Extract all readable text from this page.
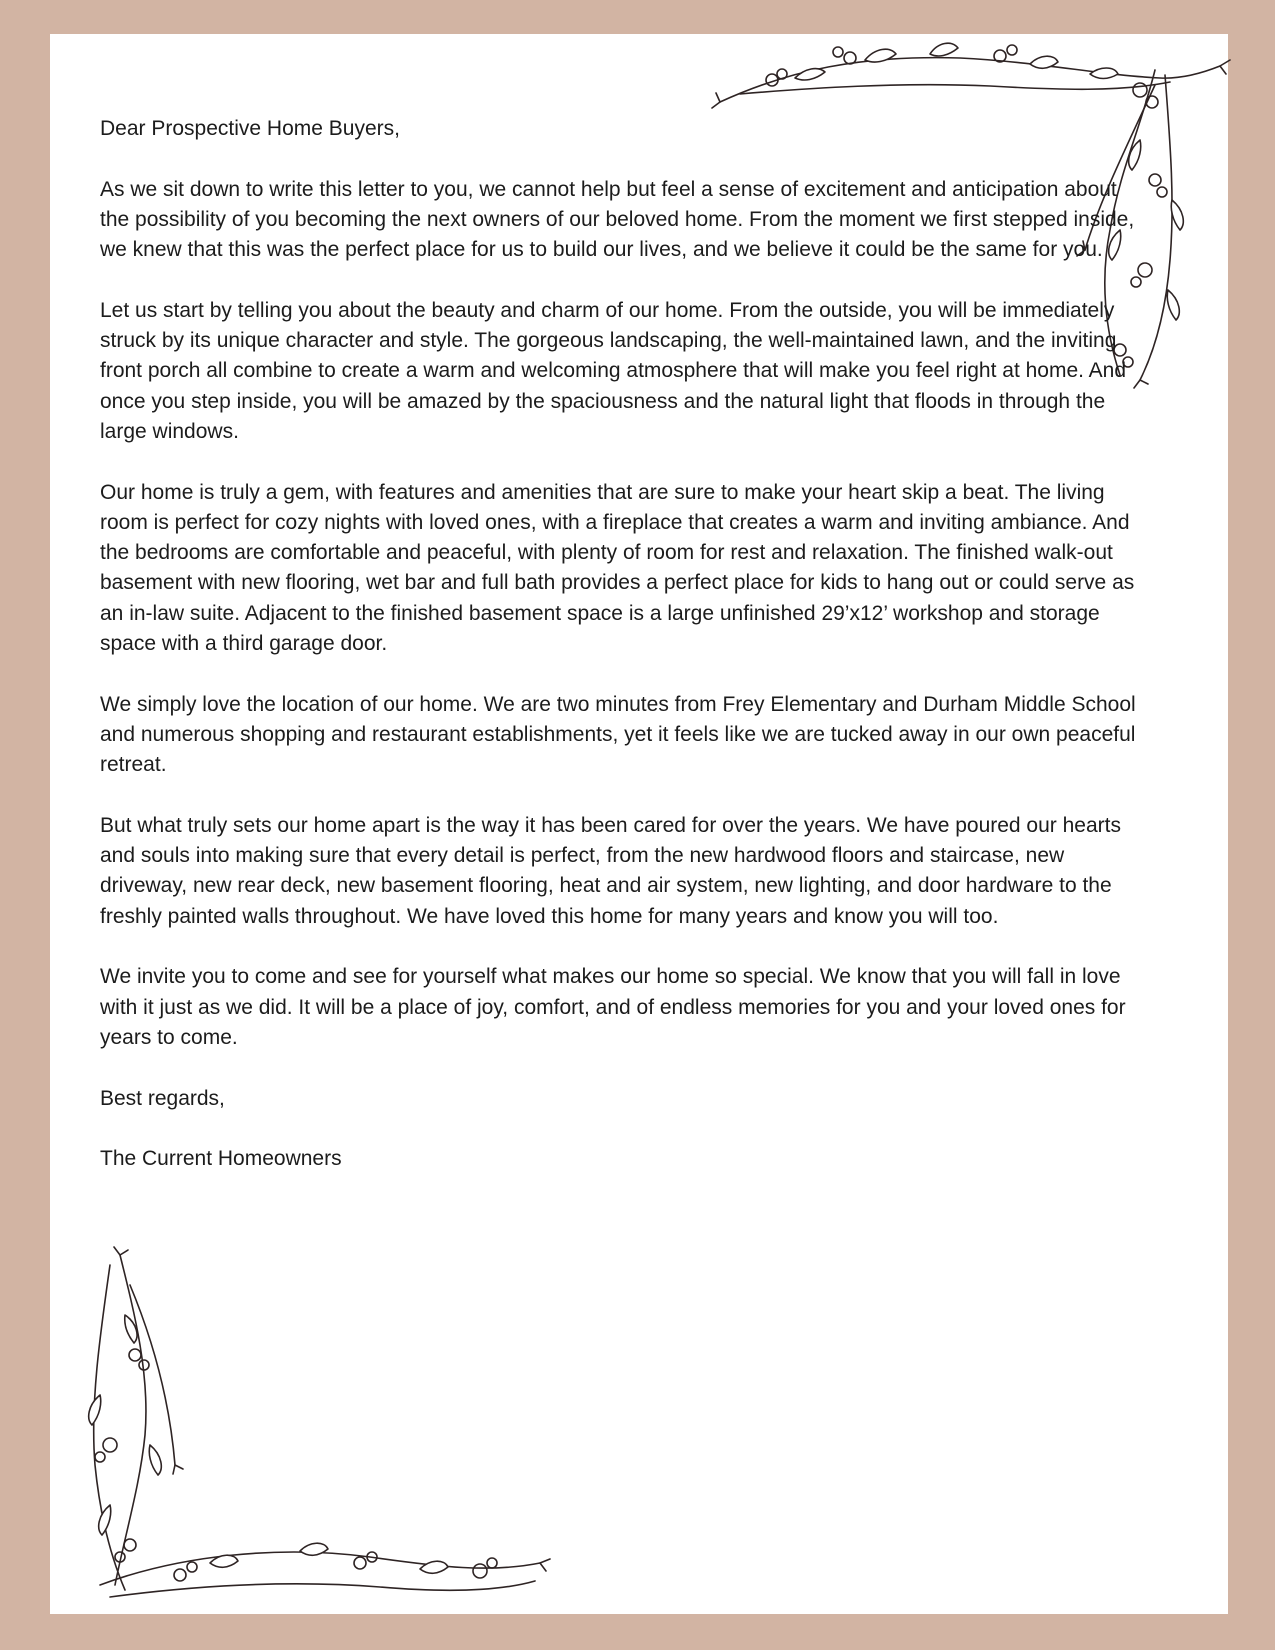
Dear Prospective Home Buyers,

As we sit down to write this letter to you, we cannot help but feel a sense of excitement and anticipation about the possibility of you becoming the next owners of our beloved home. From the moment we first stepped inside, we knew that this was the perfect place for us to build our lives, and we believe it could be the same for you.

Let us start by telling you about the beauty and charm of our home. From the outside, you will be immediately struck by its unique character and style. The gorgeous landscaping, the well-maintained lawn, and the inviting front porch all combine to create a warm and welcoming atmosphere that will make you feel right at home. And once you step inside, you will be amazed by the spaciousness and the natural light that floods in through the large windows.

Our home is truly a gem, with features and amenities that are sure to make your heart skip a beat. The living room is perfect for cozy nights with loved ones, with a fireplace that creates a warm and inviting ambiance. And the bedrooms are comfortable and peaceful, with plenty of room for rest and relaxation. The finished walk-out basement with new flooring, wet bar and full bath provides a perfect place for kids to hang out or could serve as an in-law suite. Adjacent to the finished basement space is a large unfinished 29’x12’ workshop and storage space with a third garage door.

We simply love the location of our home. We are two minutes from Frey Elementary and Durham Middle School and numerous shopping and restaurant establishments, yet it feels like we are tucked away in our own peaceful retreat.

But what truly sets our home apart is the way it has been cared for over the years. We have poured our hearts and souls into making sure that every detail is perfect, from the new hardwood floors and staircase, new driveway, new rear deck, new basement flooring, heat and air system, new lighting, and door hardware to the freshly painted walls throughout. We have loved this home for many years and know you will too.

We invite you to come and see for yourself what makes our home so special. We know that you will fall in love with it just as we did. It will be a place of joy, comfort, and of endless memories for you and your loved ones for years to come.

Best regards,

The Current Homeowners
